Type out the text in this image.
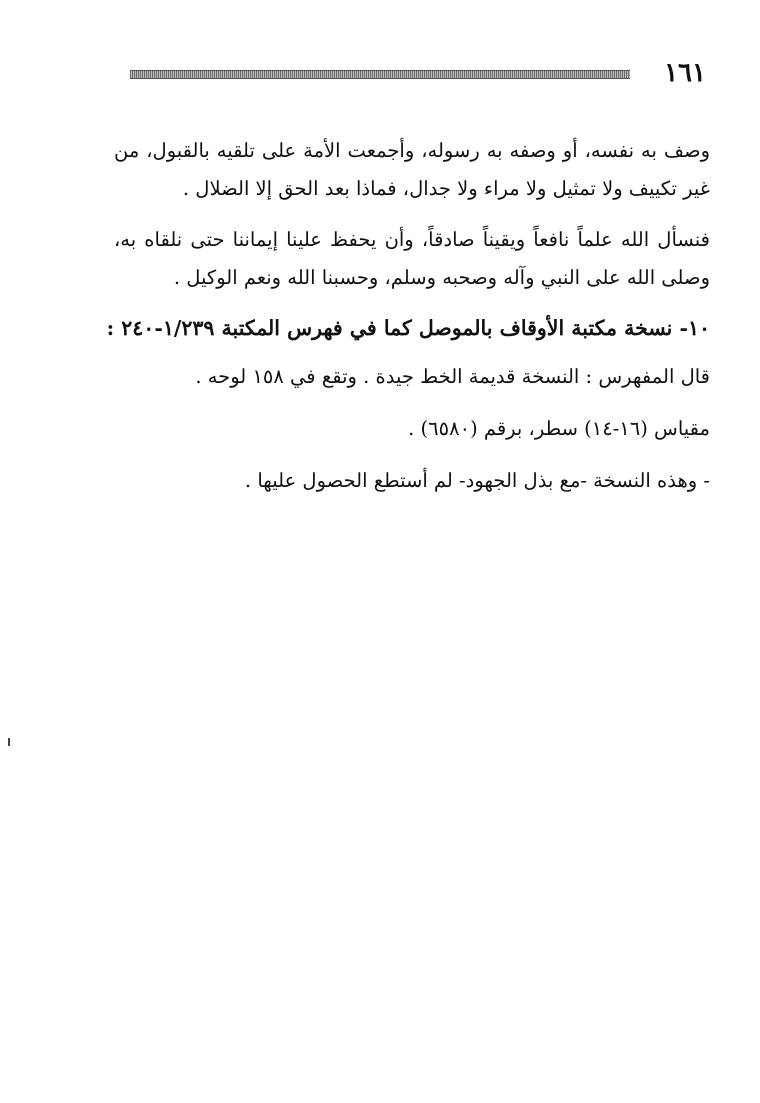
١٦١

وصف به نفسه، أو وصفه به رسوله، وأجمعت الأمة على تلقيه بالقبول، من غير تكييف ولا تمثيل ولا مراء ولا جدال، فماذا بعد الحق إلا الضلال .

فنسأل الله علماً نافعاً ويقيناً صادقاً، وأن يحفظ علينا إيماننا حتى نلقاه به، وصلى الله على النبي وآله وصحبه وسلم، وحسبنا الله ونعم الوكيل .

١٠- نسخة مكتبة الأوقاف بالموصل كما في فهرس المكتبة ١/٢٣٩-٢٤٠ :
قال المفهرس : النسخة قديمة الخط جيدة . وتقع في ١٥٨ لوحه .
مقياس (١٦-١٤) سطر، برقم (٦٥٨٠) .
- وهذه النسخة -مع بذل الجهود- لم أستطع الحصول عليها .
